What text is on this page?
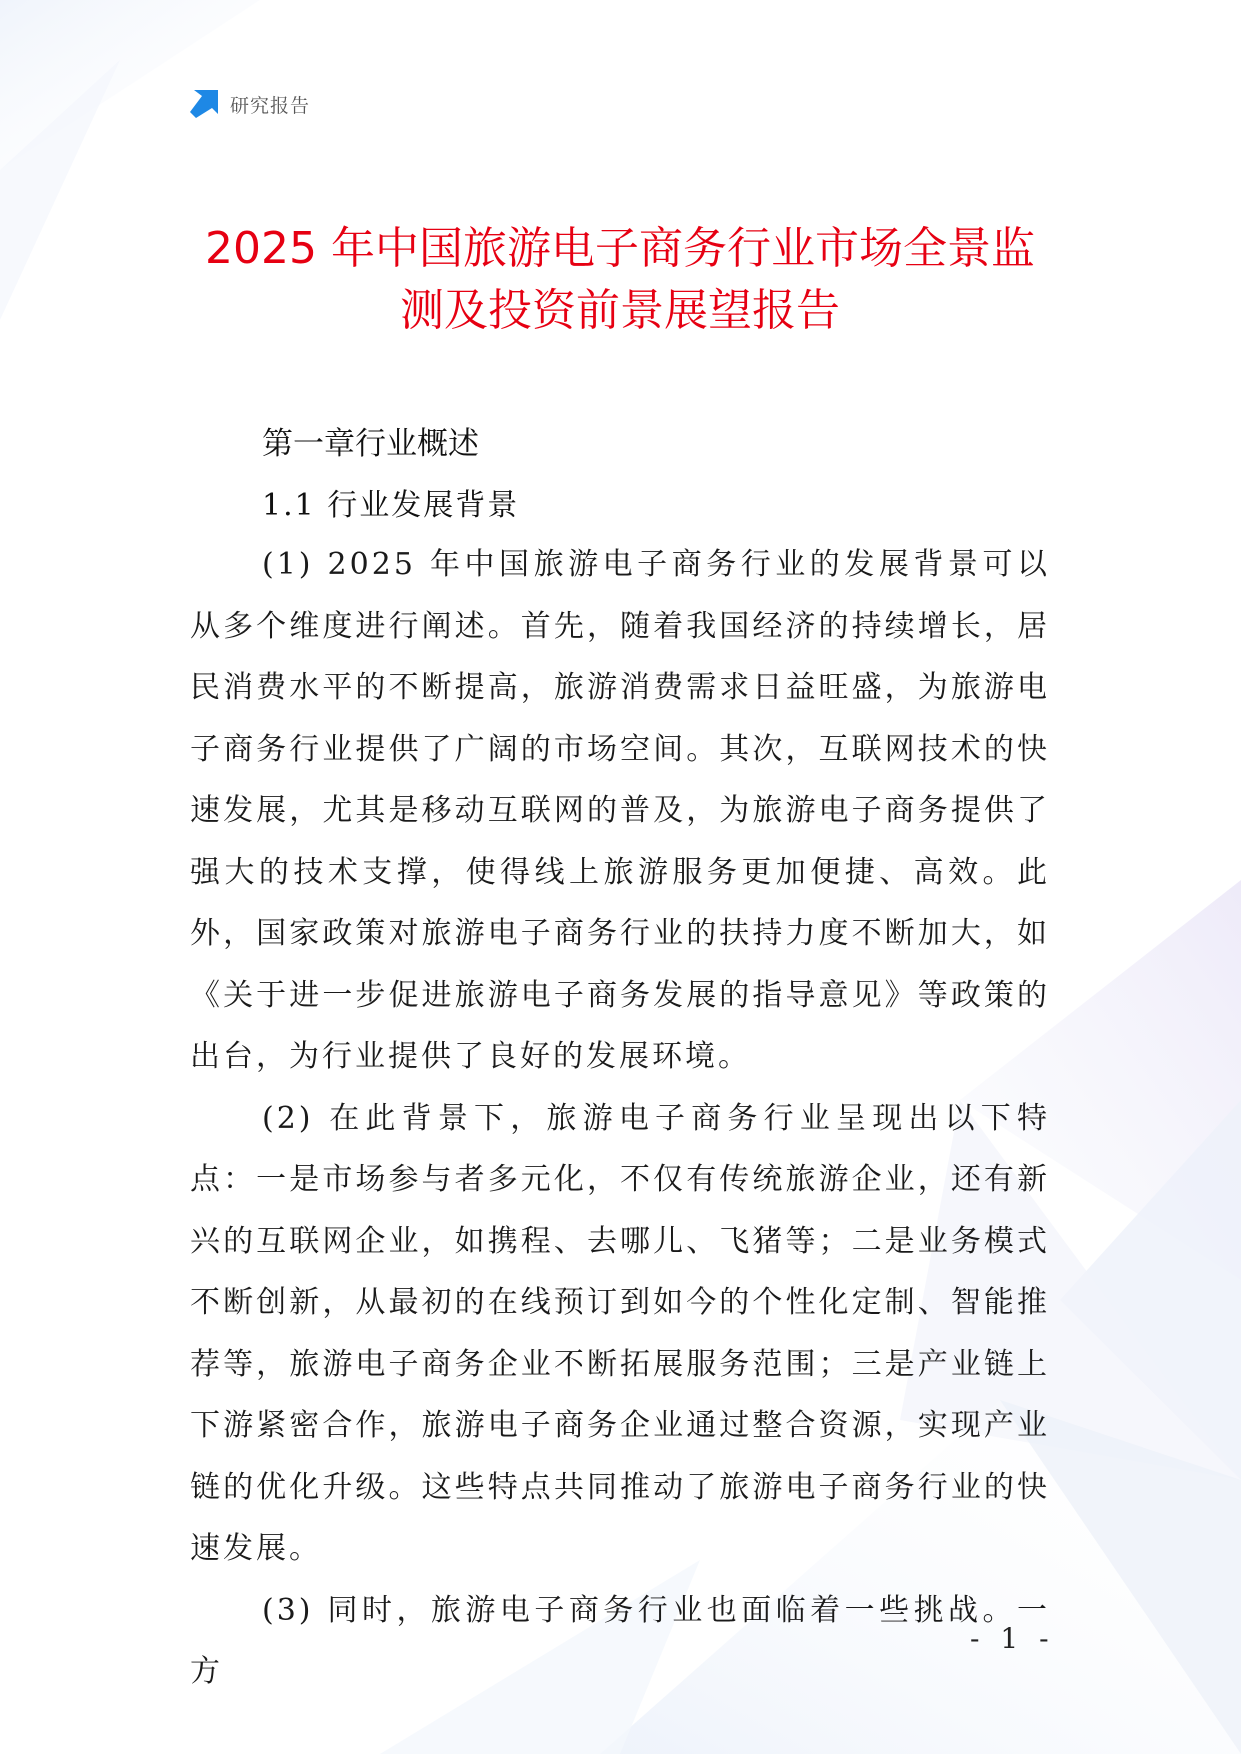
研究报告
2025 年中国旅游电子商务行业市场全景监
测及投资前景展望报告
第一章行业概述
1.1 行业发展背景

(1) 2025 年中国旅游电子商务行业的发展背景可以从多个维度进行阐述。首先，随着我国经济的持续增长，居民消费水平的不断提高，旅游消费需求日益旺盛，为旅游电子商务行业提供了广阔的市场空间。其次，互联网技术的快速发展，尤其是移动互联网的普及，为旅游电子商务提供了强大的技术支撑，使得线上旅游服务更加便捷、高效。此外，国家政策对旅游电子商务行业的扶持力度不断加大，如《关于进一步促进旅游电子商务发展的指导意见》等政策的出台，为行业提供了良好的发展环境。

(2) 在此背景下，旅游电子商务行业呈现出以下特点：一是市场参与者多元化，不仅有传统旅游企业，还有新兴的互联网企业，如携程、去哪儿、飞猪等；二是业务模式不断创新，从最初的在线预订到如今的个性化定制、智能推荐等，旅游电子商务企业不断拓展服务范围；三是产业链上下游紧密合作，旅游电子商务企业通过整合资源，实现产业链的优化升级。这些特点共同推动了旅游电子商务行业的快速发展。

(3) 同时，旅游电子商务行业也面临着一些挑战。一方

- 1 -
